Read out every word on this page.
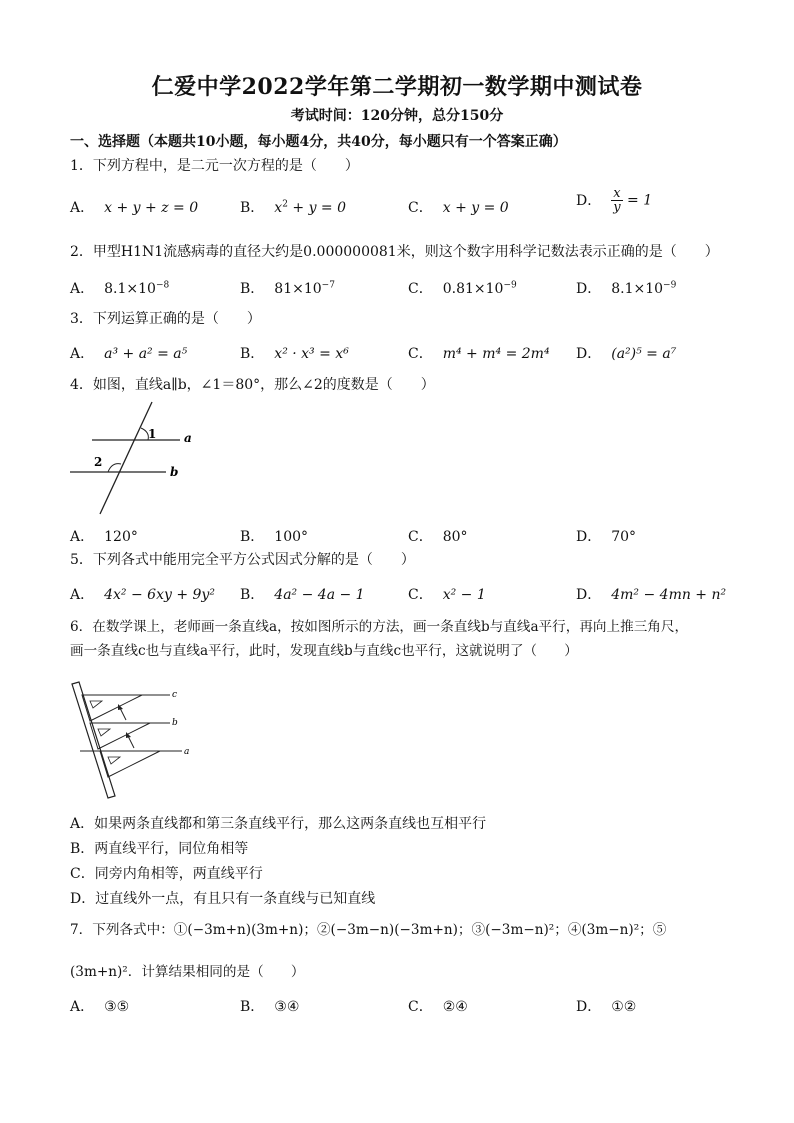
仁爱中学2022学年第二学期初一数学期中测试卷
考试时间：120分钟，总分150分
一、选择题（本题共10小题，每小题4分，共40分，每小题只有一个答案正确）
1．下列方程中，是二元一次方程的是（　　）
A． x + y + z = 0	B． $x^2 + y = 0$	C． x + y = 0	D． $\frac{x}{y} = 1$
2．甲型H1N1流感病毒的直径大约是0.000000081米，则这个数字用科学记数法表示正确的是（　　）
A． $8.1\times 10^{-8}$	B． $81\times 10^{-7}$	C． $0.81\times 10^{-9}$	D． $8.1\times 10^{-9}$
3．下列运算正确的是（　　）
A． a³ + a² = a⁵	B． x² · x³ = x⁶	C． m⁴ + m⁴ = 2m⁴ D． (a²)⁵ = a⁷
4．如图，直线a∥b，∠1＝80°，那么∠2的度数是（　　）
1
2
a
b
A． 120°	B． 100°	C． 80°	D． 70°
5．下列各式中能用完全平方公式因式分解的是（　　）
A． 4x² − 6xy + 9y² B． 4a² − 4a − 1	C． x² − 1	D． 4m² − 4mn + n²
6．在数学课上，老师画一条直线a，按如图所示的方法，画一条直线b与直线a平行，再向上推三角尺，
画一条直线c也与直线a平行，此时，发现直线b与直线c也平行，这就说明了（　　）
c
b
a
A．如果两条直线都和第三条直线平行，那么这两条直线也互相平行
B．两直线平行，同位角相等
C．同旁内角相等，两直线平行
D．过直线外一点，有且只有一条直线与已知直线
7．下列各式中：①(−3m+n)(3m+n)；②(−3m−n)(−3m+n)；③(−3m−n)²；④(3m−n)²；⑤
(3m+n)²．计算结果相同的是（　　）
A． ③⑤	B． ③④	C． ②④	D． ①②
